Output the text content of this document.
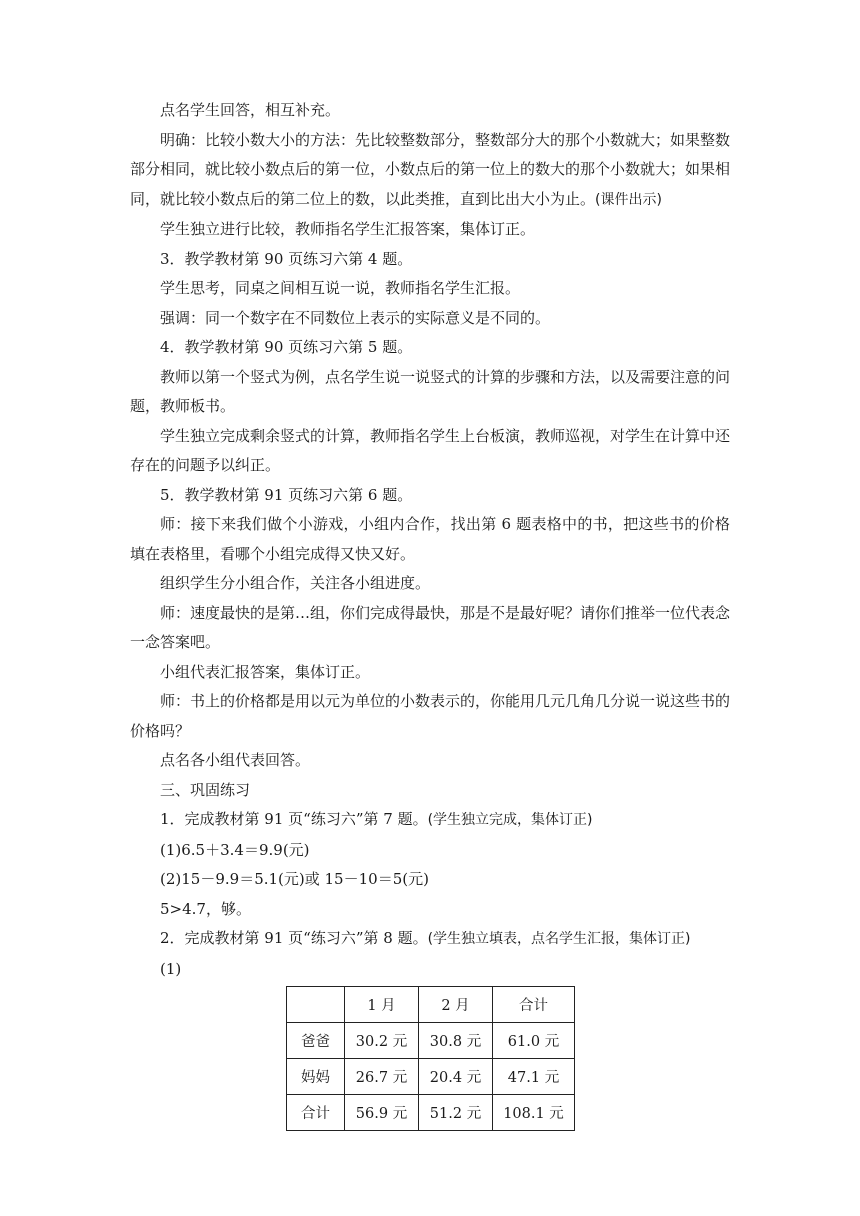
点名学生回答，相互补充。

明确：比较小数大小的方法：先比较整数部分，整数部分大的那个小数就大；如果整数部分相同，就比较小数点后的第一位，小数点后的第一位上的数大的那个小数就大；如果相同，就比较小数点后的第二位上的数，以此类推，直到比出大小为止。(课件出示)

学生独立进行比较，教师指名学生汇报答案，集体订正。

3．教学教材第 90 页练习六第 4 题。

学生思考，同桌之间相互说一说，教师指名学生汇报。

强调：同一个数字在不同数位上表示的实际意义是不同的。

4．教学教材第 90 页练习六第 5 题。

教师以第一个竖式为例，点名学生说一说竖式的计算的步骤和方法，以及需要注意的问题，教师板书。

学生独立完成剩余竖式的计算，教师指名学生上台板演，教师巡视，对学生在计算中还存在的问题予以纠正。

5．教学教材第 91 页练习六第 6 题。

师：接下来我们做个小游戏，小组内合作，找出第 6 题表格中的书，把这些书的价格填在表格里，看哪个小组完成得又快又好。

组织学生分小组合作，关注各小组进度。

师：速度最快的是第…组，你们完成得最快，那是不是最好呢？请你们推举一位代表念一念答案吧。

小组代表汇报答案，集体订正。

师：书上的价格都是用以元为单位的小数表示的，你能用几元几角几分说一说这些书的价格吗？

点名各小组代表回答。

三、巩固练习

1．完成教材第 91 页“练习六”第 7 题。(学生独立完成，集体订正)

(1)6.5＋3.4＝9.9(元)

(2)15－9.9＝5.1(元)或 15－10＝5(元)

5>4.7，够。

2．完成教材第 91 页“练习六”第 8 题。(学生独立填表，点名学生汇报，集体订正)

(1)

	1 月	2 月	合计
爸爸	30.2 元	30.8 元	61.0 元
妈妈	26.7 元	20.4 元	47.1 元
合计	56.9 元	51.2 元	108.1 元
